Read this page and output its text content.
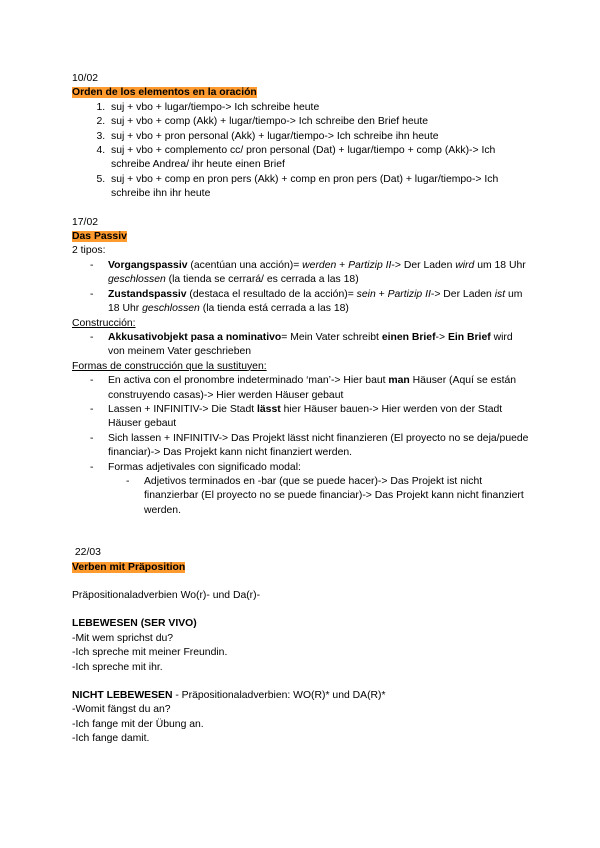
10/02

Orden de los elementos en la oración

1. suj + vbo + lugar/tiempo-> Ich schreibe heute
2. suj + vbo + comp (Akk) + lugar/tiempo-> Ich schreibe den Brief heute
3. suj + vbo + pron personal (Akk) + lugar/tiempo-> Ich schreibe ihn heute
4. suj + vbo + complemento cc/ pron personal (Dat) + lugar/tiempo + comp (Akk)-> Ich schreibe Andrea/ ihr heute einen Brief
5. suj + vbo + comp en pron pers (Akk) + comp en pron pers (Dat) + lugar/tiempo-> Ich schreibe ihn ihr heute

17/02

Das Passiv

2 tipos:

- Vorgangspassiv (acentúan una acción)= werden + Partizip II-> Der Laden wird um 18 Uhr geschlossen (la tienda se cerrará/ es cerrada a las 18)
- Zustandspassiv (destaca el resultado de la acción)= sein + Partizip II-> Der Laden ist um 18 Uhr geschlossen (la tienda está cerrada a las 18)

Construcción:

- Akkusativobjekt pasa a nominativo= Mein Vater schreibt einen Brief-> Ein Brief wird von meinem Vater geschrieben

Formas de construcción que la sustituyen:

- En activa con el pronombre indeterminado ‘man’-> Hier baut man Häuser (Aquí se están construyendo casas)-> Hier werden Häuser gebaut
- Lassen + INFINITIV-> Die Stadt lässt hier Häuser bauen-> Hier werden von der Stadt Häuser gebaut
- Sich lassen + INFINITIV-> Das Projekt lässt nicht finanzieren (El proyecto no se deja/puede financiar)-> Das Projekt kann nicht finanziert werden.
- Formas adjetivales con significado modal:
- Adjetivos terminados en -bar (que se puede hacer)-> Das Projekt ist nicht finanzierbar (El proyecto no se puede financiar)-> Das Projekt kann nicht finanziert werden.

22/03

Verben mit Präposition

Präpositionaladverbien Wo(r)- und Da(r)-

LEBEWESEN (SER VIVO)

-Mit wem sprichst du?

-Ich spreche mit meiner Freundin.

-Ich spreche mit ihr.

NICHT LEBEWESEN - Präpositionaladverbien: WO(R)* und DA(R)*

-Womit fängst du an?

-Ich fange mit der Übung an.

-Ich fange damit.
